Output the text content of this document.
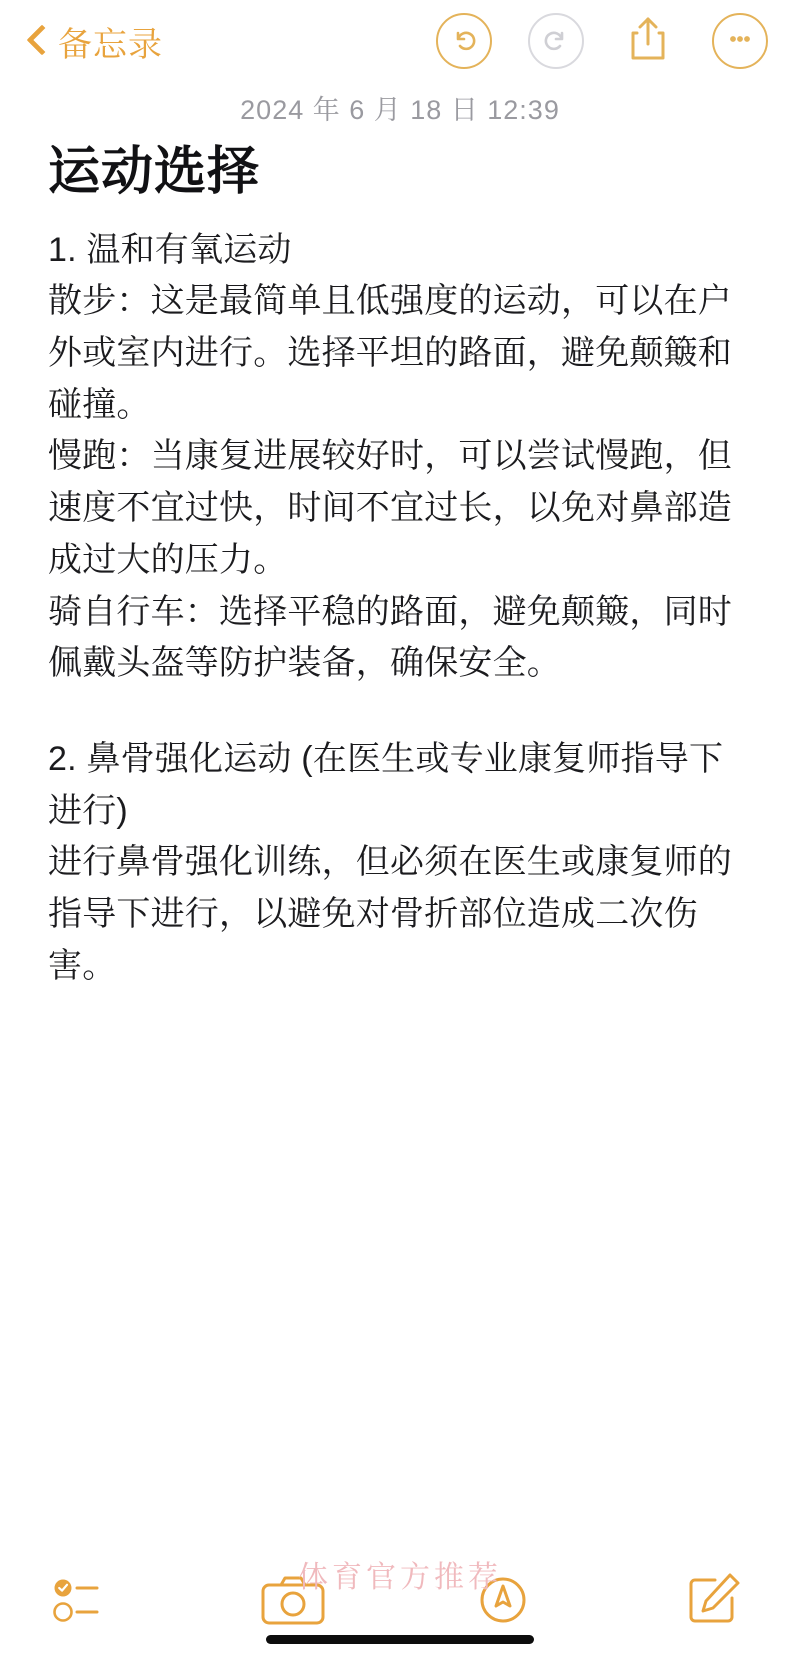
备忘录
2024 年 6 月 18 日 12:39
运动选择

1. 温和有氧运动

散步：这是最简单且低强度的运动，可以在户外或室内进行。选择平坦的路面，避免颠簸和碰撞。

慢跑：当康复进展较好时，可以尝试慢跑，但速度不宜过快，时间不宜过长，以免对鼻部造成过大的压力。

骑自行车：选择平稳的路面，避免颠簸，同时佩戴头盔等防护装备，确保安全。

2. 鼻骨强化运动 (在医生或专业康复师指导下进行)

进行鼻骨强化训练，但必须在医生或康复师的指导下进行，以避免对骨折部位造成二次伤害。

体育官方推荐
